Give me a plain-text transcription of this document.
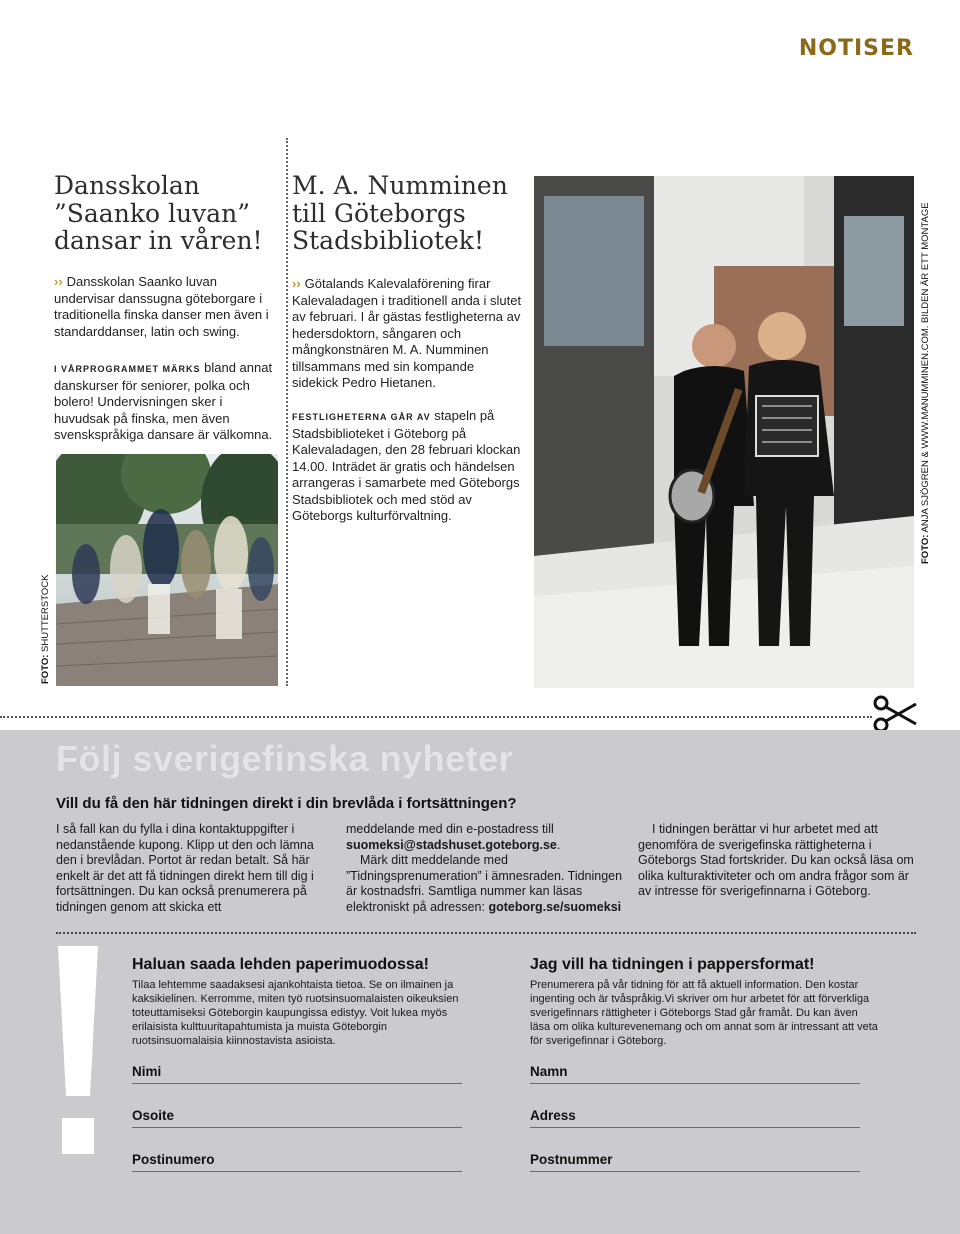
NOTISER
Dansskolan
”Saanko luvan”
dansar in våren!
›› Dansskolan Saanko luvan undervisar danssugna göteborgare i traditionella finska danser men även i standarddanser, latin och swing.
I VÅRPROGRAMMET MÄRKS bland annat danskurser för seniorer, polka och bolero! Undervisningen sker i huvudsak på finska, men även svenskspråkiga dansare är välkomna.
FOTO: SHUTTERSTOCK
M. A. Numminen
till Göteborgs
Stadsbibliotek!
›› Götalands Kalevalaförening firar Kalevaladagen i traditionell anda i slutet av februari. I år gästas festligheterna av hedersdoktorn, sångaren och mångkonstnären M. A. Numminen tillsammans med sin kompande sidekick Pedro Hietanen.
FESTLIGHETERNA GÅR AV stapeln på Stadsbiblioteket i Göteborg på Kalevaladagen, den 28 februari klockan 14.00. Inträdet är gratis och händelsen arrangeras i samarbete med Göteborgs Stadsbibliotek och med stöd av Göteborgs kulturförvaltning.
FOTO: ANJA SJÖGREN & WWW.MANUMMINEN.COM. BILDEN ÄR ETT MONTAGE
Följ sverigefinska nyheter
Vill du få den här tidningen direkt i din brevlåda i fortsättningen?
I så fall kan du fylla i dina kontaktuppgifter i nedanstående kupong. Klipp ut den och lämna den i brevlådan. Portot är redan betalt. Så här enkelt är det att få tidningen direkt hem till dig i fortsättningen. Du kan också prenumerera på tidningen genom att skicka ett
meddelande med din e-postadress till
suomeksi@stadshuset.goteborg.se.

Märk ditt meddelande med ”Tidningsprenumeration” i ämnesraden. Tidningen är kostnadsfri. Samtliga nummer kan läsas elektroniskt på adressen: goteborg.se/suomeksi
I tidningen berättar vi hur arbetet med att genomföra de sverigefinska rättigheterna i Göteborgs Stad fortskrider. Du kan också läsa om olika kulturaktiviteter och om andra frågor som är av intresse för sverigefinnarna i Göteborg.
Haluan saada lehden paperimuodossa!
Tilaa lehtemme saadaksesi ajankohtaista tietoa. Se on ilmainen ja kaksikielinen. Kerromme, miten työ ruotsinsuomalaisten oikeuksien toteuttamiseksi Göteborgin kaupungissa edistyy. Voit lukea myös erilaisista kulttuuritapahtumista ja muista Göteborgin ruotsinsuomalaisia kiinnostavista asioista.
Nimi
Osoite
Postinumero
Jag vill ha tidningen i pappersformat!
Prenumerera på vår tidning för att få aktuell information. Den kostar ingenting och är tvåspråkig.Vi skriver om hur arbetet för att förverkliga sverigefinnars rättigheter i Göteborgs Stad går framåt. Du kan även läsa om olika kulturevenemang och om annat som är intressant att veta för sverigefinnar i Göteborg.
Namn
Adress
Postnummer
